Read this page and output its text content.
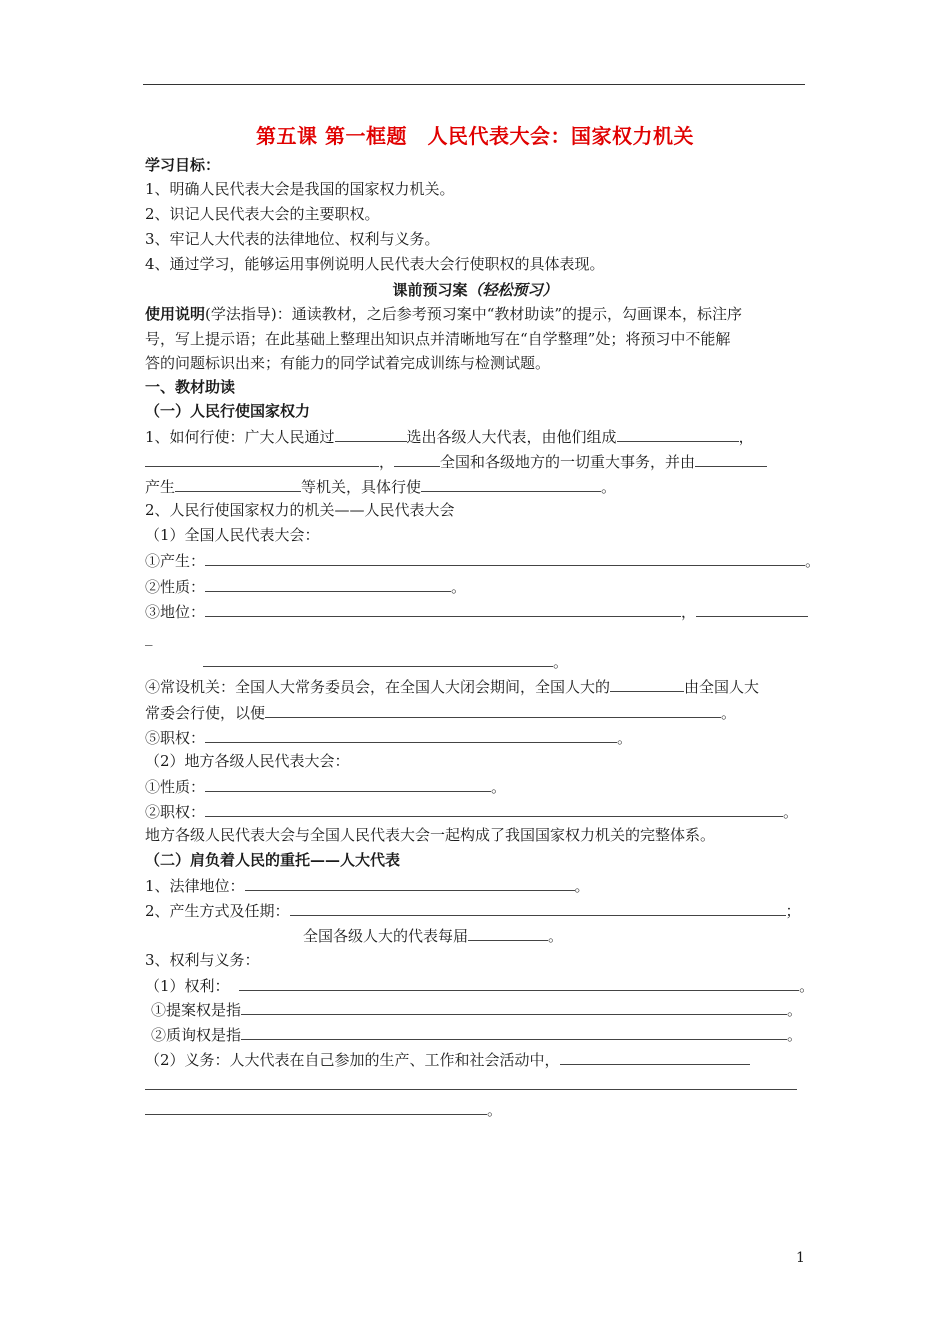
第五课 第一框题　人民代表大会：国家权力机关
学习目标：
1、明确人民代表大会是我国的国家权力机关。
2、识记人民代表大会的主要职权。
3、牢记人大代表的法律地位、权利与义务。
4、通过学习，能够运用事例说明人民代表大会行使职权的具体表现。
课前预习案（轻松预习）
使用说明(学法指导)：通读教材，之后参考预习案中“教材助读”的提示，勾画课本，标注序
号，写上提示语；在此基础上整理出知识点并清晰地写在“自学整理”处；将预习中不能解
答的问题标识出来；有能力的同学试着完成训练与检测试题。
一、教材助读
（一）人民行使国家权力
1、如何行使：广大人民通过	选出各级人大代表，由他们组成	，
，	全国和各级地方的一切重大事务，并由
产生	等机关，具体行使	。
2、人民行使国家权力的机关——人民代表大会
（1）全国人民代表大会：
①产生：	。
②性质：	。
③地位：	，
_
。
④常设机关：全国人大常务委员会，在全国人大闭会期间，全国人大的	由全国人大
常委会行使，以便	。
⑤职权：	。
（2）地方各级人民代表大会：
①性质：	。
②职权：	。
地方各级人民代表大会与全国人民代表大会一起构成了我国国家权力机关的完整体系。
（二）肩负着人民的重托——人大代表
1、法律地位：	。
2、产生方式及任期：	；
全国各级人大的代表每届	。
3、权利与义务：
（1）权利：	。
①提案权是指	。
②质询权是指	。
（2）义务：人大代表在自己参加的生产、工作和社会活动中，
。
1
